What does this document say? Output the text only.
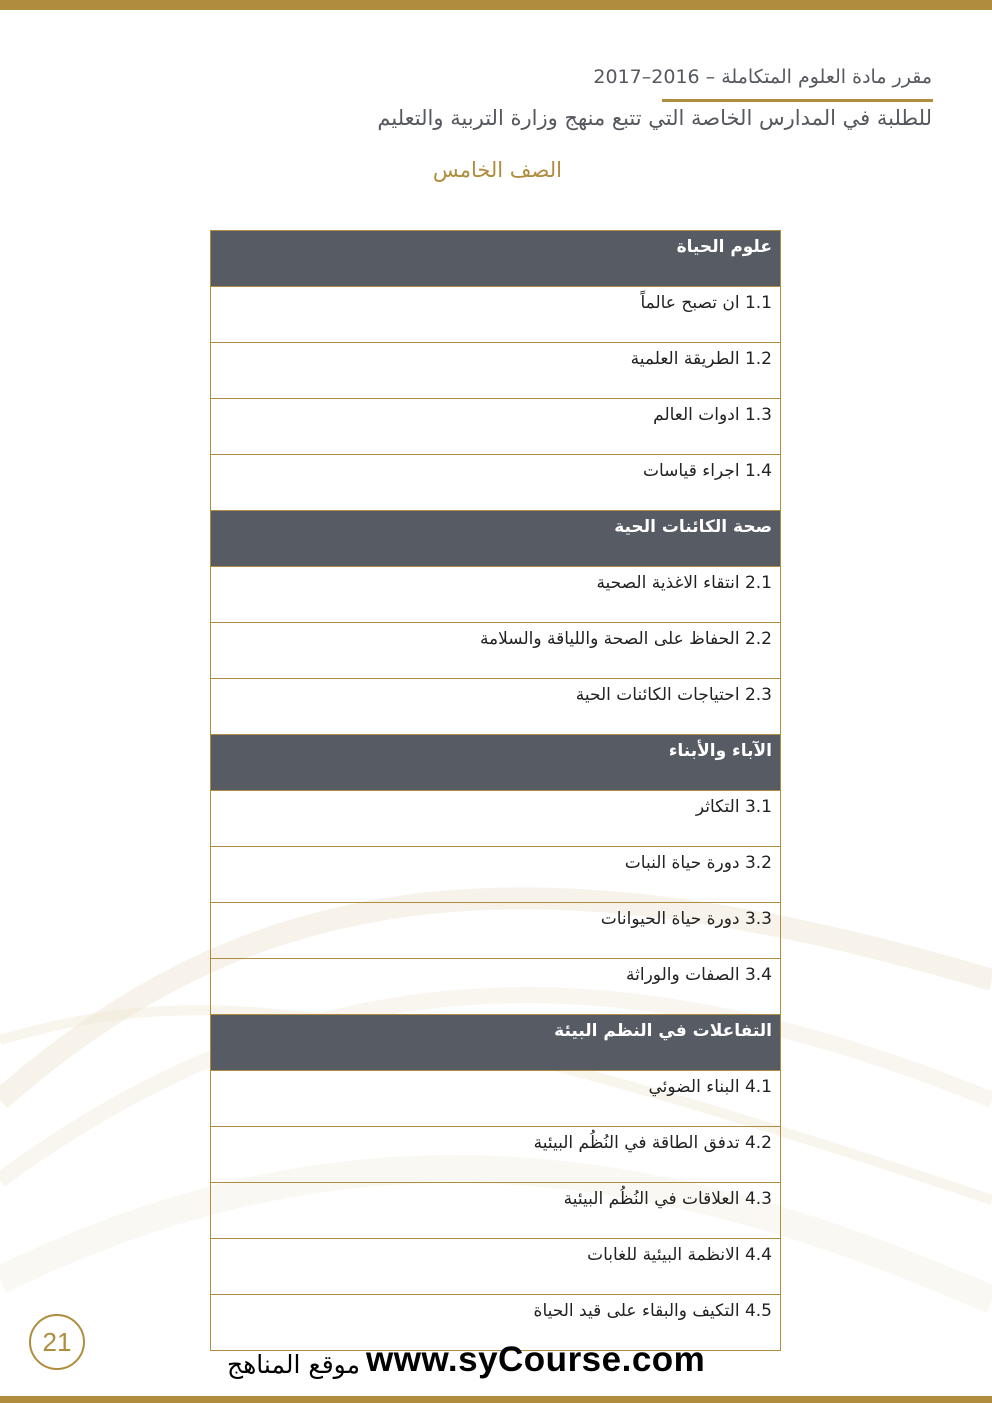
مقرر مادة العلوم المتكاملة – 2016–2017
للطلبة في المدارس الخاصة التي تتبع منهج وزارة التربية والتعليم
الصف الخامس
علوم الحياة
1.1 ان تصبح عالماً
1.2 الطريقة العلمية
1.3 ادوات العالم
1.4 اجراء قياسات
صحة الكائنات الحية
2.1 انتقاء الاغذية الصحية
2.2 الحفاظ على الصحة واللياقة والسلامة
2.3 احتياجات الكائنات الحية
الآباء والأبناء
3.1 التكاثر
3.2 دورة حياة النبات
3.3 دورة حياة الحيوانات
3.4 الصفات والوراثة
التفاعلات في النظم البيئة
4.1 البناء الضوئي
4.2 تدفق الطاقة في النُظُم البيئية
4.3 العلاقات في النُظُم البيئية
4.4 الانظمة البيئية للغابات
4.5 التكيف والبقاء على قيد الحياة
21
موقع المناهج www.syCourse.com
